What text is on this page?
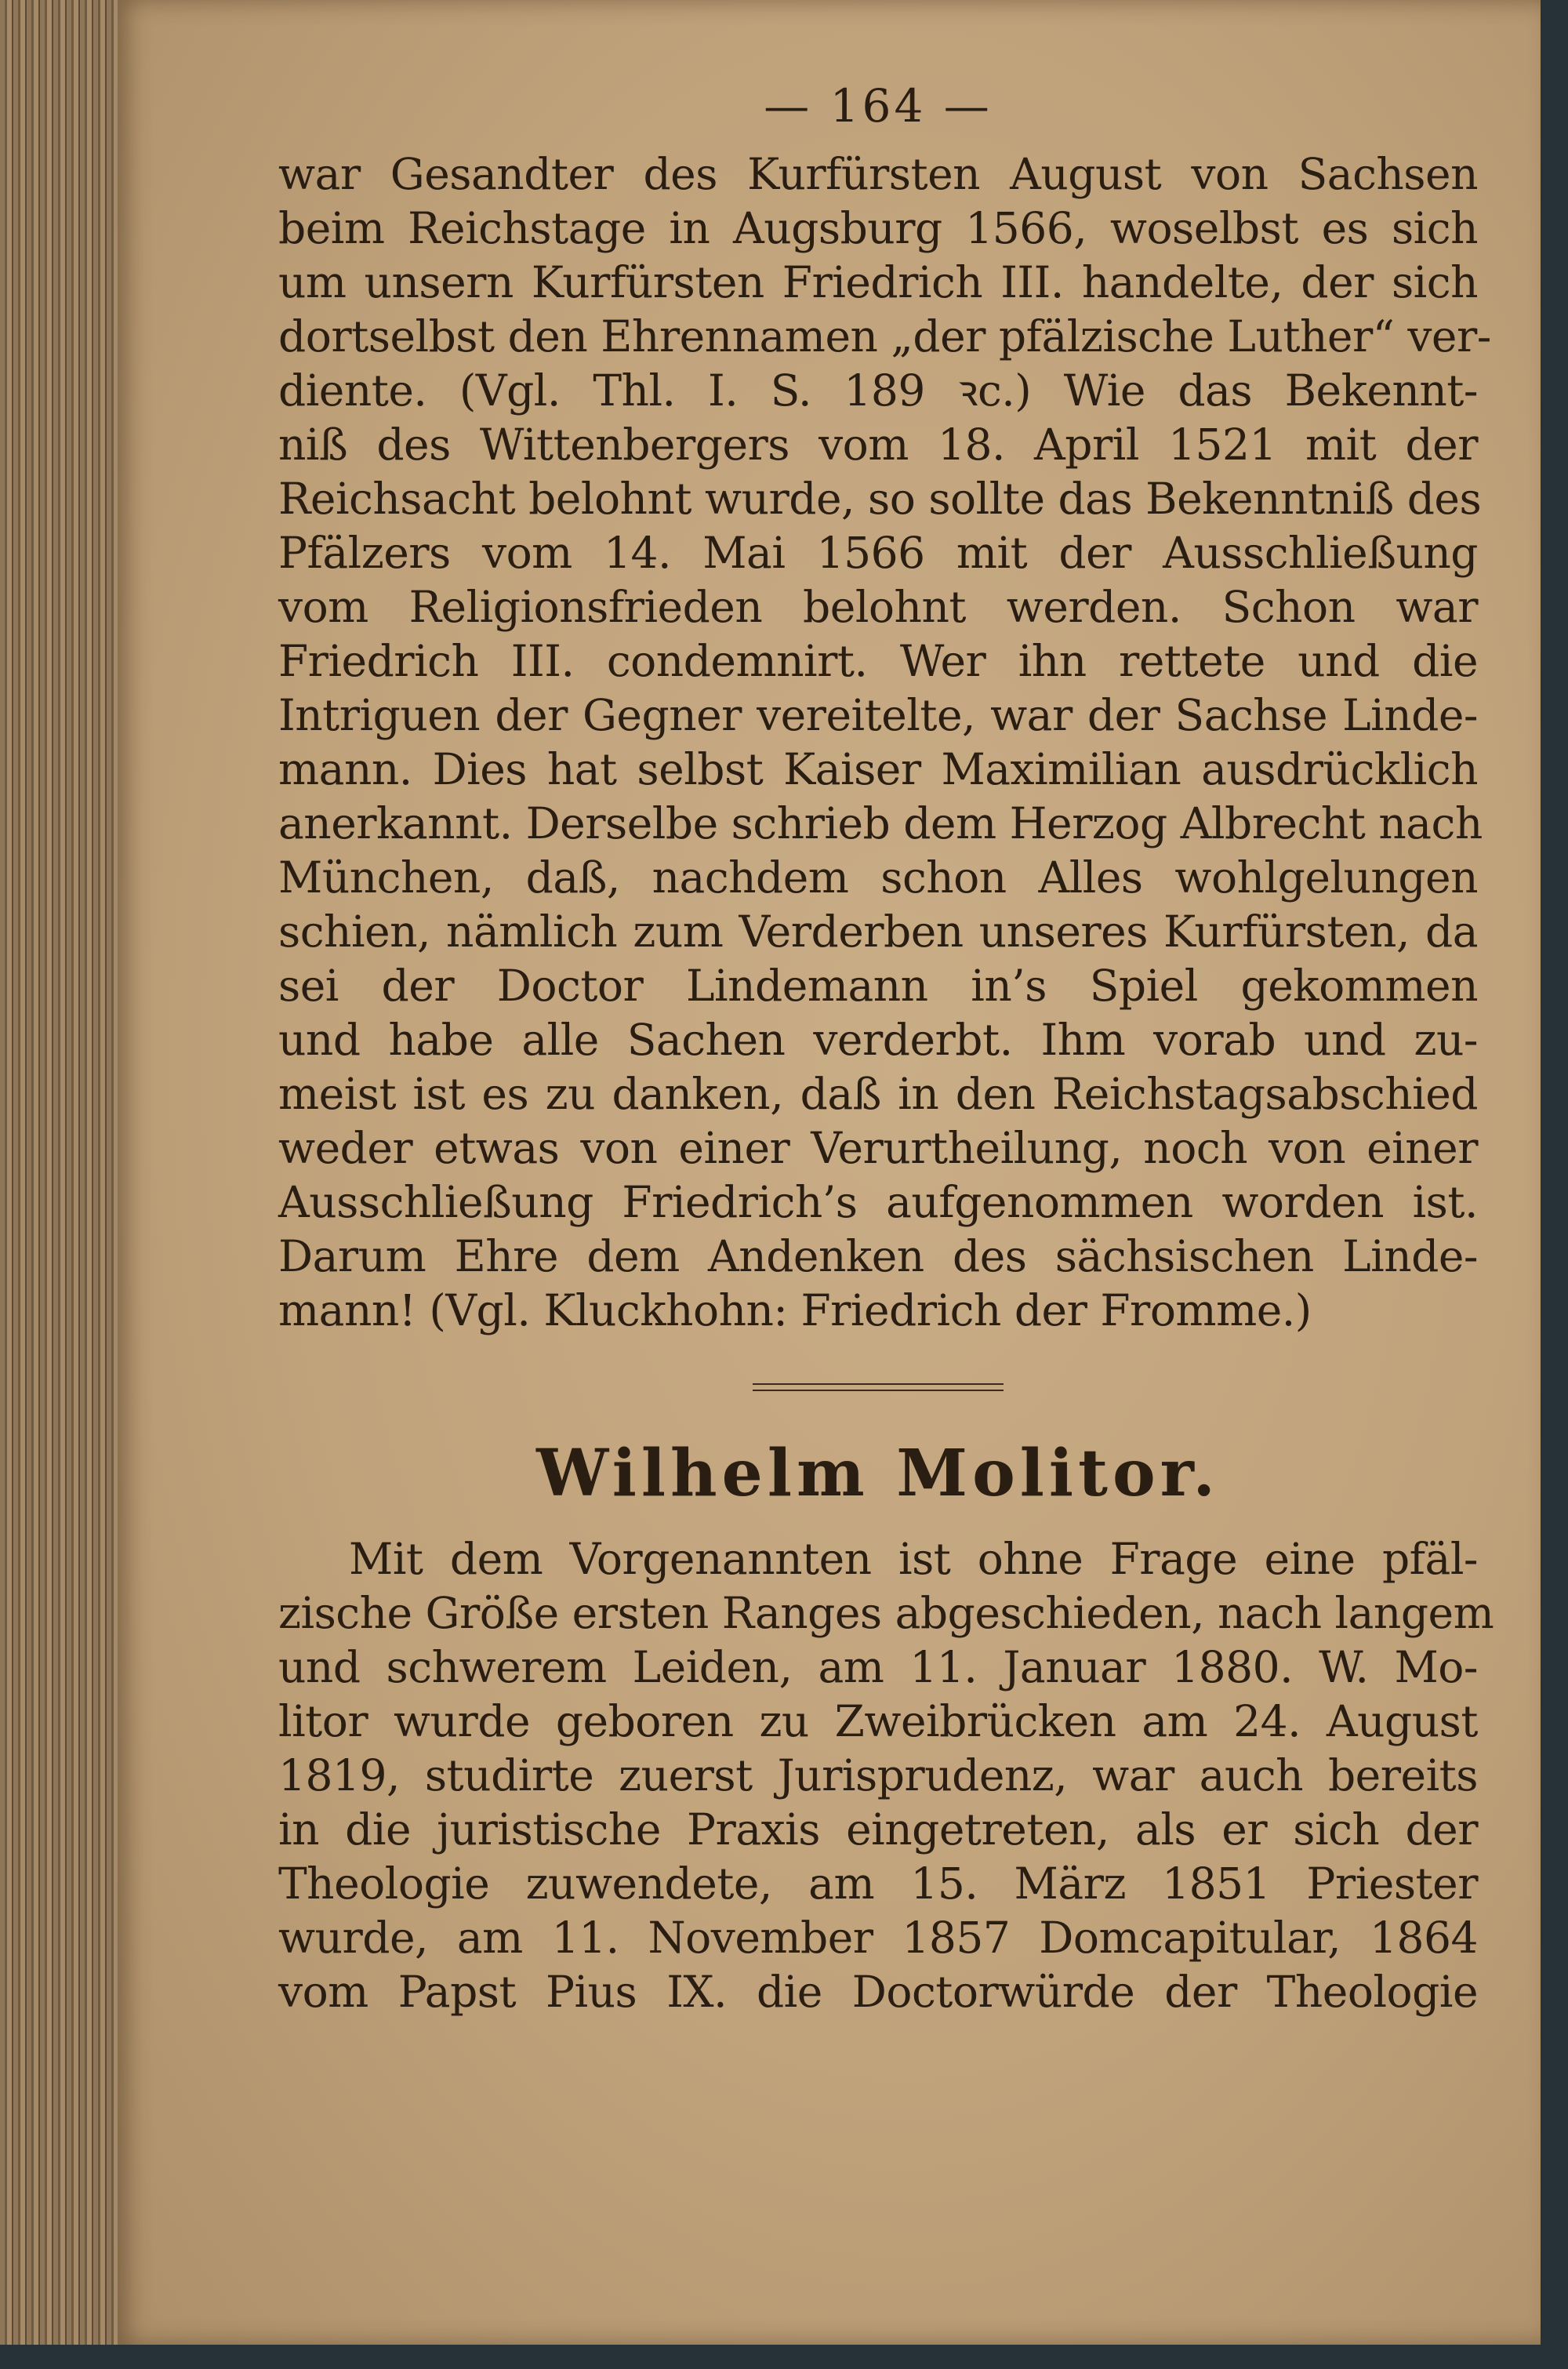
— 164 —
war Gesandter des Kurfürsten August von Sachsen
beim Reichstage in Augsburg 1566, woselbst es sich
um unsern Kurfürsten Friedrich III. handelte, der sich
dortselbst den Ehrennamen „der pfälzische Luther“ ver-
diente. (Vgl. Thl. I. S. 189 ꝛc.) Wie das Bekennt-
niß des Wittenbergers vom 18. April 1521 mit der
Reichsacht belohnt wurde, so sollte das Bekenntniß des
Pfälzers vom 14. Mai 1566 mit der Ausschließung
vom Religionsfrieden belohnt werden. Schon war
Friedrich III. condemnirt. Wer ihn rettete und die
Intriguen der Gegner vereitelte, war der Sachse Linde-
mann. Dies hat selbst Kaiser Maximilian ausdrücklich
anerkannt. Derselbe schrieb dem Herzog Albrecht nach
München, daß, nachdem schon Alles wohlgelungen
schien, nämlich zum Verderben unseres Kurfürsten, da
sei der Doctor Lindemann in’s Spiel gekommen
und habe alle Sachen verderbt. Ihm vorab und zu-
meist ist es zu danken, daß in den Reichstagsabschied
weder etwas von einer Verurtheilung, noch von einer
Ausschließung Friedrich’s aufgenommen worden ist.
Darum Ehre dem Andenken des sächsischen Linde-
mann! (Vgl. Kluckhohn: Friedrich der Fromme.)
Wilhelm Molitor.
Mit dem Vorgenannten ist ohne Frage eine pfäl-
zische Größe ersten Ranges abgeschieden, nach langem
und schwerem Leiden, am 11. Januar 1880. W. Mo-
litor wurde geboren zu Zweibrücken am 24. August
1819, studirte zuerst Jurisprudenz, war auch bereits
in die juristische Praxis eingetreten, als er sich der
Theologie zuwendete, am 15. März 1851 Priester
wurde, am 11. November 1857 Domcapitular, 1864
vom Papst Pius IX. die Doctorwürde der Theologie
